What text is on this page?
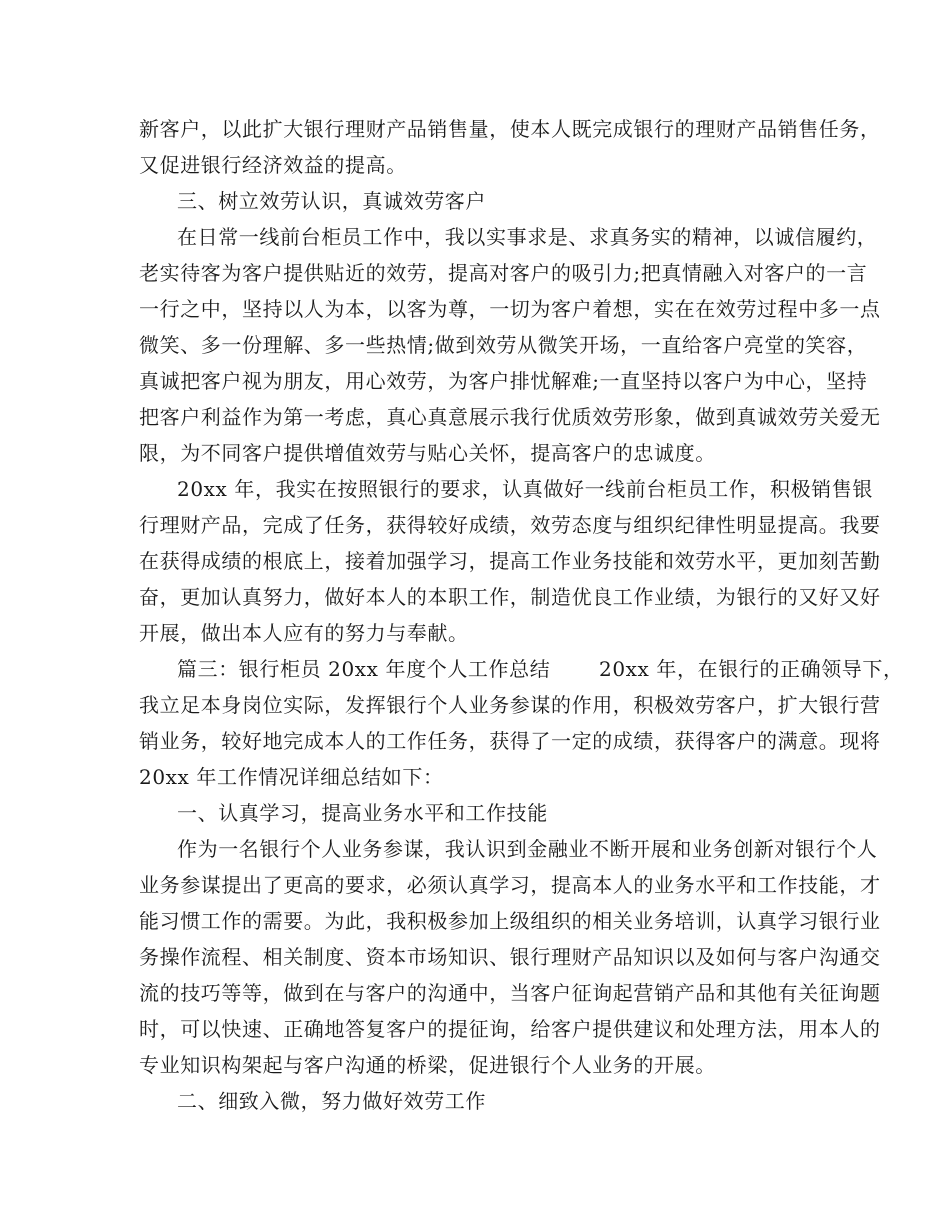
新客户，以此扩大银行理财产品销售量，使本人既完成银行的理财产品销售任务，
又促进银行经济效益的提高。
三、树立效劳认识，真诚效劳客户
在日常一线前台柜员工作中，我以实事求是、求真务实的精神，以诚信履约，
老实待客为客户提供贴近的效劳，提高对客户的吸引力;把真情融入对客户的一言
一行之中，坚持以人为本，以客为尊，一切为客户着想，实在在效劳过程中多一点
微笑、多一份理解、多一些热情;做到效劳从微笑开场，一直给客户亮堂的笑容，
真诚把客户视为朋友，用心效劳，为客户排忧解难;一直坚持以客户为中心，坚持
把客户利益作为第一考虑，真心真意展示我行优质效劳形象，做到真诚效劳关爱无
限，为不同客户提供增值效劳与贴心关怀，提高客户的忠诚度。
20xx 年，我实在按照银行的要求，认真做好一线前台柜员工作，积极销售银
行理财产品，完成了任务，获得较好成绩，效劳态度与组织纪律性明显提高。我要
在获得成绩的根底上，接着加强学习，提高工作业务技能和效劳水平，更加刻苦勤
奋，更加认真努力，做好本人的本职工作，制造优良工作业绩，为银行的又好又好
开展，做出本人应有的努力与奉献。
篇三：银行柜员 20xx 年度个人工作总结       20xx 年，在银行的正确领导下，
我立足本身岗位实际，发挥银行个人业务参谋的作用，积极效劳客户，扩大银行营
销业务，较好地完成本人的工作任务，获得了一定的成绩，获得客户的满意。现将
20xx 年工作情况详细总结如下：
一、认真学习，提高业务水平和工作技能
作为一名银行个人业务参谋，我认识到金融业不断开展和业务创新对银行个人
业务参谋提出了更高的要求，必须认真学习，提高本人的业务水平和工作技能，才
能习惯工作的需要。为此，我积极参加上级组织的相关业务培训，认真学习银行业
务操作流程、相关制度、资本市场知识、银行理财产品知识以及如何与客户沟通交
流的技巧等等，做到在与客户的沟通中，当客户征询起营销产品和其他有关征询题
时，可以快速、正确地答复客户的提征询，给客户提供建议和处理方法，用本人的
专业知识构架起与客户沟通的桥梁，促进银行个人业务的开展。
二、细致入微，努力做好效劳工作
